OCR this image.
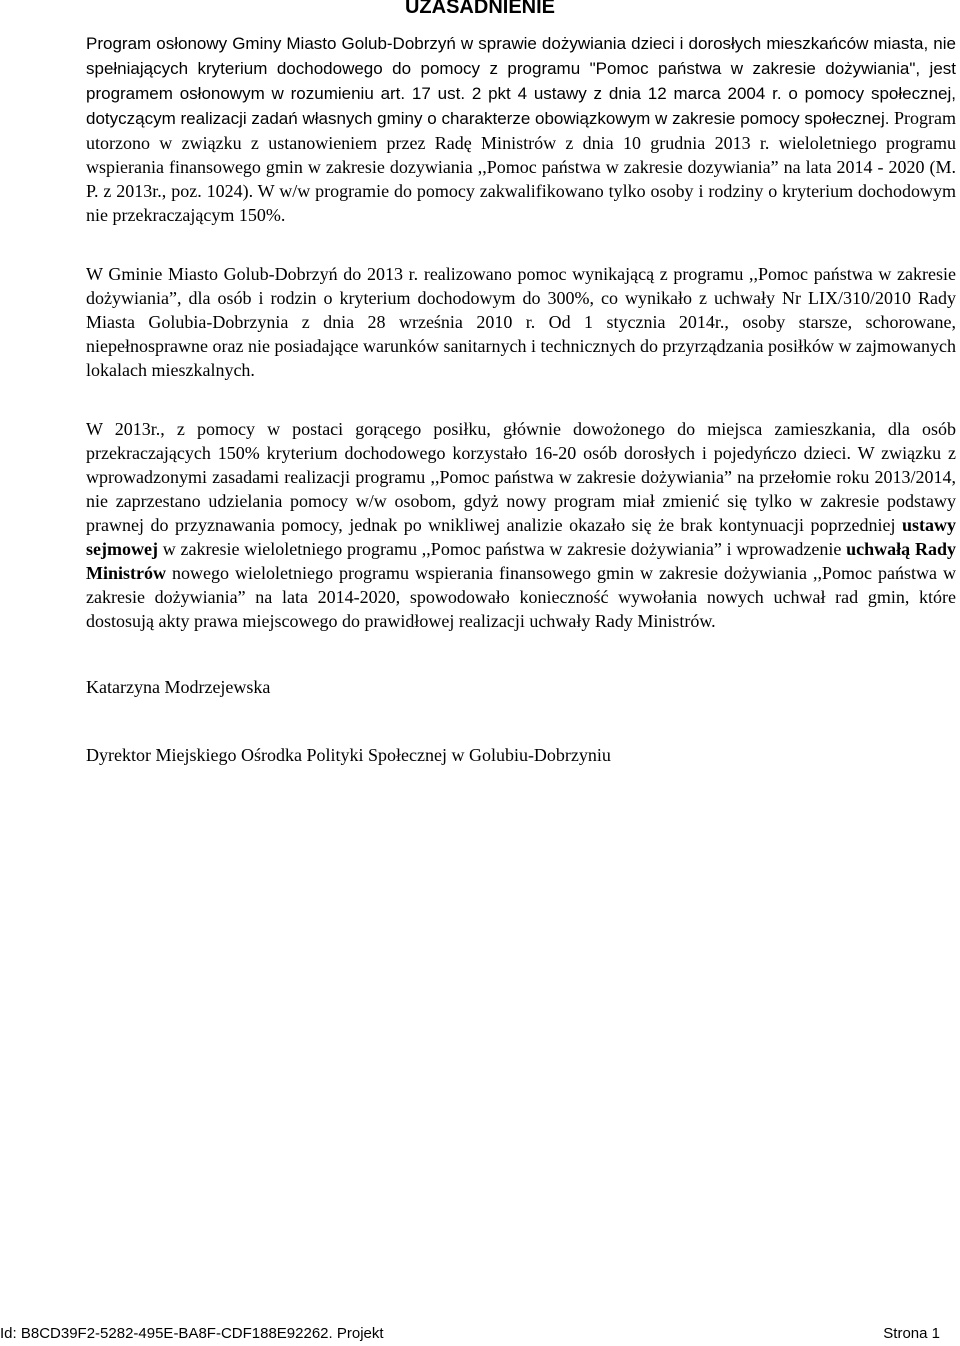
UZASADNIENIE

Program osłonowy Gminy Miasto Golub-Dobrzyń w sprawie dożywiania dzieci i dorosłych mieszkańców miasta, nie spełniających kryterium dochodowego do pomocy z programu "Pomoc państwa w zakresie dożywiania", jest programem osłonowym w rozumieniu art. 17 ust. 2 pkt 4 ustawy z dnia 12 marca 2004 r. o pomocy społecznej, dotyczącym realizacji zadań własnych gminy o charakterze obowiązkowym w zakresie pomocy społecznej. Program utorzono w związku z ustanowieniem przez Radę Ministrów z dnia 10 grudnia 2013 r. wieloletniego programu wspierania finansowego gmin w zakresie dozywiania ,,Pomoc państwa w zakresie dozywiania” na lata 2014 - 2020 (M. P. z 2013r., poz. 1024). W w/w programie do pomocy zakwalifikowano tylko osoby i rodziny o kryterium dochodowym nie przekraczającym 150%.

W Gminie Miasto Golub-Dobrzyń do 2013 r. realizowano pomoc wynikającą z programu ,,Pomoc państwa w zakresie dożywiania”, dla osób i rodzin o kryterium dochodowym do 300%, co wynikało z uchwały Nr LIX/310/2010 Rady Miasta Golubia-Dobrzynia z dnia 28 września 2010 r. Od 1 stycznia 2014r., osoby starsze, schorowane, niepełnosprawne oraz nie posiadające warunków sanitarnych i technicznych do przyrządzania posiłków w zajmowanych lokalach mieszkalnych.

W 2013r., z pomocy w postaci gorącego posiłku, głównie dowożonego do miejsca zamieszkania, dla osób przekraczających 150% kryterium dochodowego korzystało 16-20 osób dorosłych i pojedyńczo dzieci. W związku z wprowadzonymi zasadami realizacji programu ,,Pomoc państwa w zakresie dożywiania” na przełomie roku 2013/2014, nie zaprzestano udzielania pomocy w/w osobom, gdyż nowy program miał zmienić się tylko w zakresie podstawy prawnej do przyznawania pomocy, jednak po wnikliwej analizie okazało się że brak kontynuacji poprzedniej ustawy sejmowej w zakresie wieloletniego programu ,,Pomoc państwa w zakresie dożywiania” i wprowadzenie uchwałą Rady Ministrów nowego wieloletniego programu wspierania finansowego gmin w zakresie dożywiania ,,Pomoc państwa w zakresie dożywiania” na lata 2014-2020, spowodowało konieczność wywołania nowych uchwał rad gmin, które dostosują akty prawa miejscowego do prawidłowej realizacji uchwały Rady Ministrów.

Katarzyna Modrzejewska

Dyrektor Miejskiego Ośrodka Polityki Społecznej w Golubiu-Dobrzyniu

Id: B8CD39F2-5282-495E-BA8F-CDF188E92262. Projekt	Strona 1
